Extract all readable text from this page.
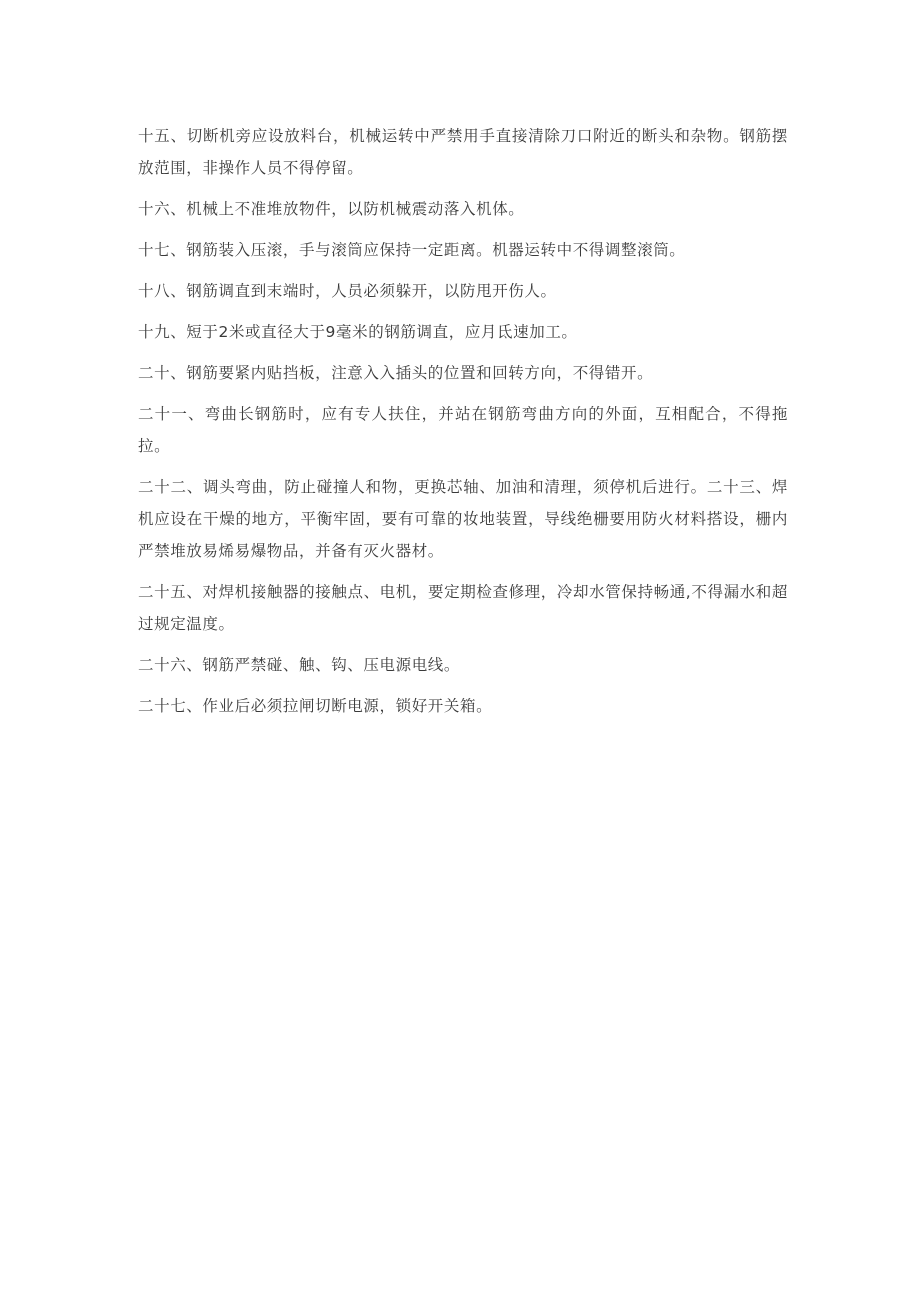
十五、切断机旁应设放料台，机械运转中严禁用手直接清除刀口附近的断头和杂物。钢筋摆放范围，非操作人员不得停留。

十六、机械上不准堆放物件，以防机械震动落入机体。

十七、钢筋装入压滚，手与滚筒应保持一定距离。机器运转中不得调整滚筒。

十八、钢筋调直到末端时，人员必须躲开，以防甩开伤人。

十九、短于2米或直径大于9毫米的钢筋调直，应月氐速加工。

二十、钢筋要紧内贴挡板，注意入入插头的位置和回转方向，不得错开。

二十一、弯曲长钢筋时，应有专人扶住，并站在钢筋弯曲方向的外面，互相配合，不得拖拉。

二十二、调头弯曲，防止碰撞人和物，更换芯轴、加油和清理，须停机后进行。二十三、焊机应设在干燥的地方，平衡牢固，要有可靠的妆地装置，导线绝栅要用防火材料搭设，栅内严禁堆放易烯易爆物品，并备有灭火器材。

二十五、对焊机接触器的接触点、电机，要定期检查修理，冷却水管保持畅通,不得漏水和超过规定温度。

二十六、钢筋严禁碰、触、钩、压电源电线。

二十七、作业后必须拉闸切断电源，锁好开关箱。
